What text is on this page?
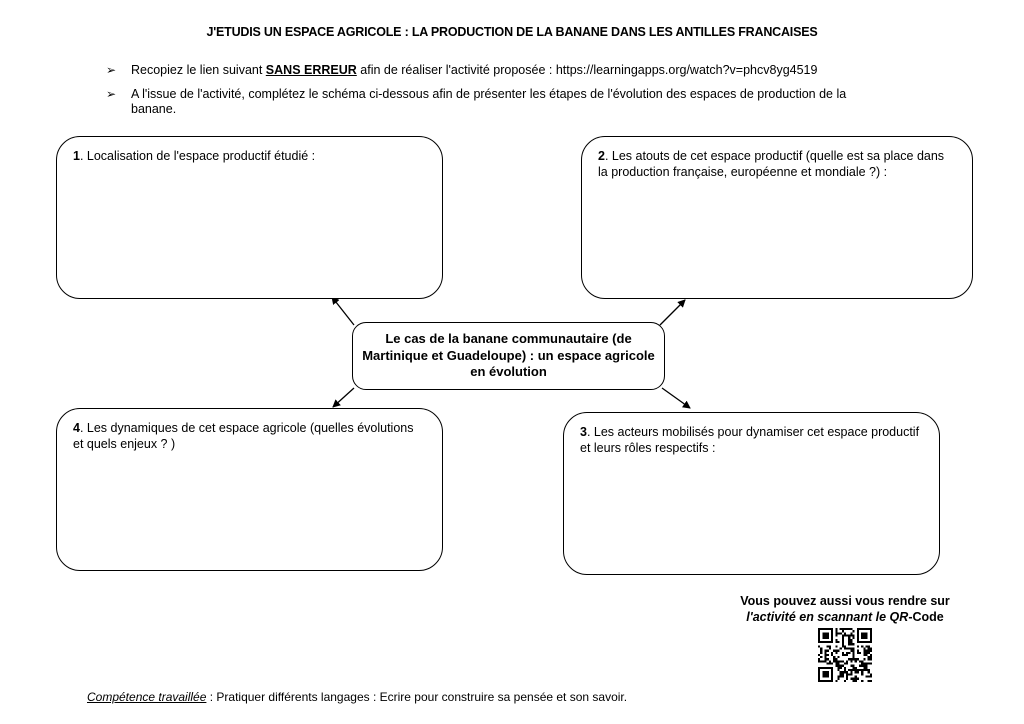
J'ETUDIS UN ESPACE AGRICOLE : LA PRODUCTION DE LA BANANE DANS LES ANTILLES FRANCAISES
➢ Recopiez le lien suivant SANS ERREUR afin de réaliser l'activité proposée : https://learningapps.org/watch?v=phcv8yg4519
➢ A l'issue de l'activité, complétez le schéma ci-dessous afin de présenter les étapes de l'évolution des espaces de production de la banane.
1. Localisation de l'espace productif étudié :	2. Les atouts de cet espace productif (quelle est sa place dans la production française, européenne et mondiale ?) :
Le cas de la banane communautaire (de Martinique et Guadeloupe) : un espace agricole en évolution
4. Les dynamiques de cet espace agricole (quelles évolutions et quels enjeux ? )
3. Les acteurs mobilisés pour dynamiser cet espace productif et leurs rôles respectifs :
Vous pouvez aussi vous rendre sur
l'activité en scannant le QR-Code
Compétence travaillée : Pratiquer différents langages : Ecrire pour construire sa pensée et son savoir.
